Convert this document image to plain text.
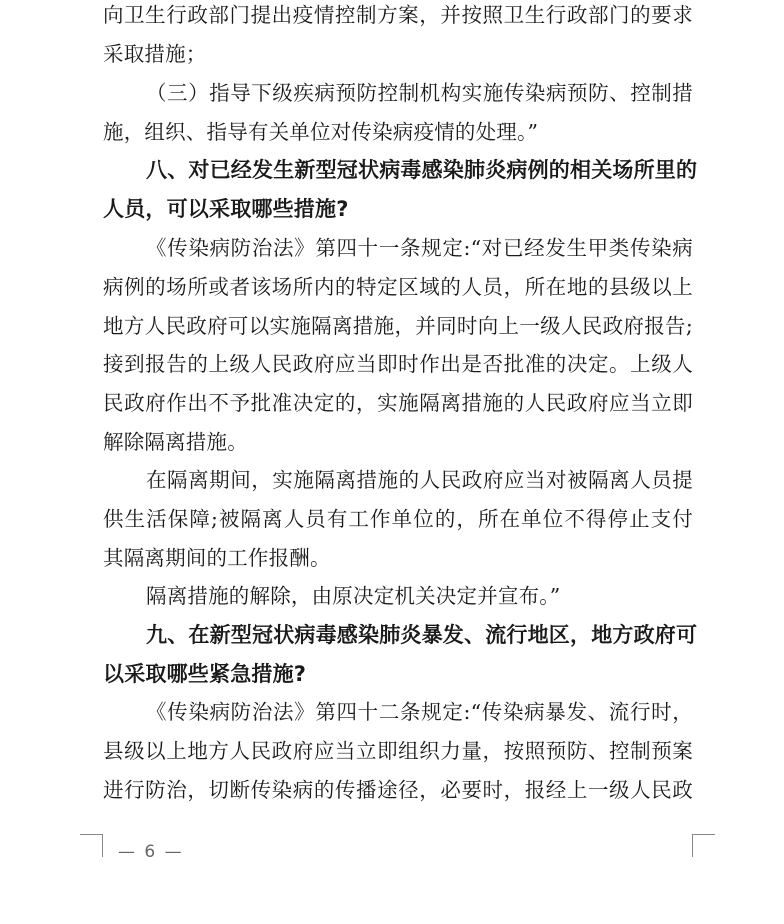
向卫生行政部门提出疫情控制方案，并按照卫生行政部门的要求
采取措施；
（三）指导下级疾病预防控制机构实施传染病预防、控制措
施，组织、指导有关单位对传染病疫情的处理。”
八、对已经发生新型冠状病毒感染肺炎病例的相关场所里的
人员，可以采取哪些措施?
《传染病防治法》第四十一条规定:“对已经发生甲类传染病
病例的场所或者该场所内的特定区域的人员，所在地的县级以上
地方人民政府可以实施隔离措施，并同时向上一级人民政府报告;
接到报告的上级人民政府应当即时作出是否批准的决定。上级人
民政府作出不予批准决定的，实施隔离措施的人民政府应当立即
解除隔离措施。
在隔离期间，实施隔离措施的人民政府应当对被隔离人员提
供生活保障;被隔离人员有工作单位的，所在单位不得停止支付
其隔离期间的工作报酬。
隔离措施的解除，由原决定机关决定并宣布。”
九、在新型冠状病毒感染肺炎暴发、流行地区，地方政府可
以采取哪些紧急措施?
《传染病防治法》第四十二条规定:“传染病暴发、流行时，
县级以上地方人民政府应当立即组织力量，按照预防、控制预案
进行防治，切断传染病的传播途径，必要时，报经上一级人民政
— 6 —
